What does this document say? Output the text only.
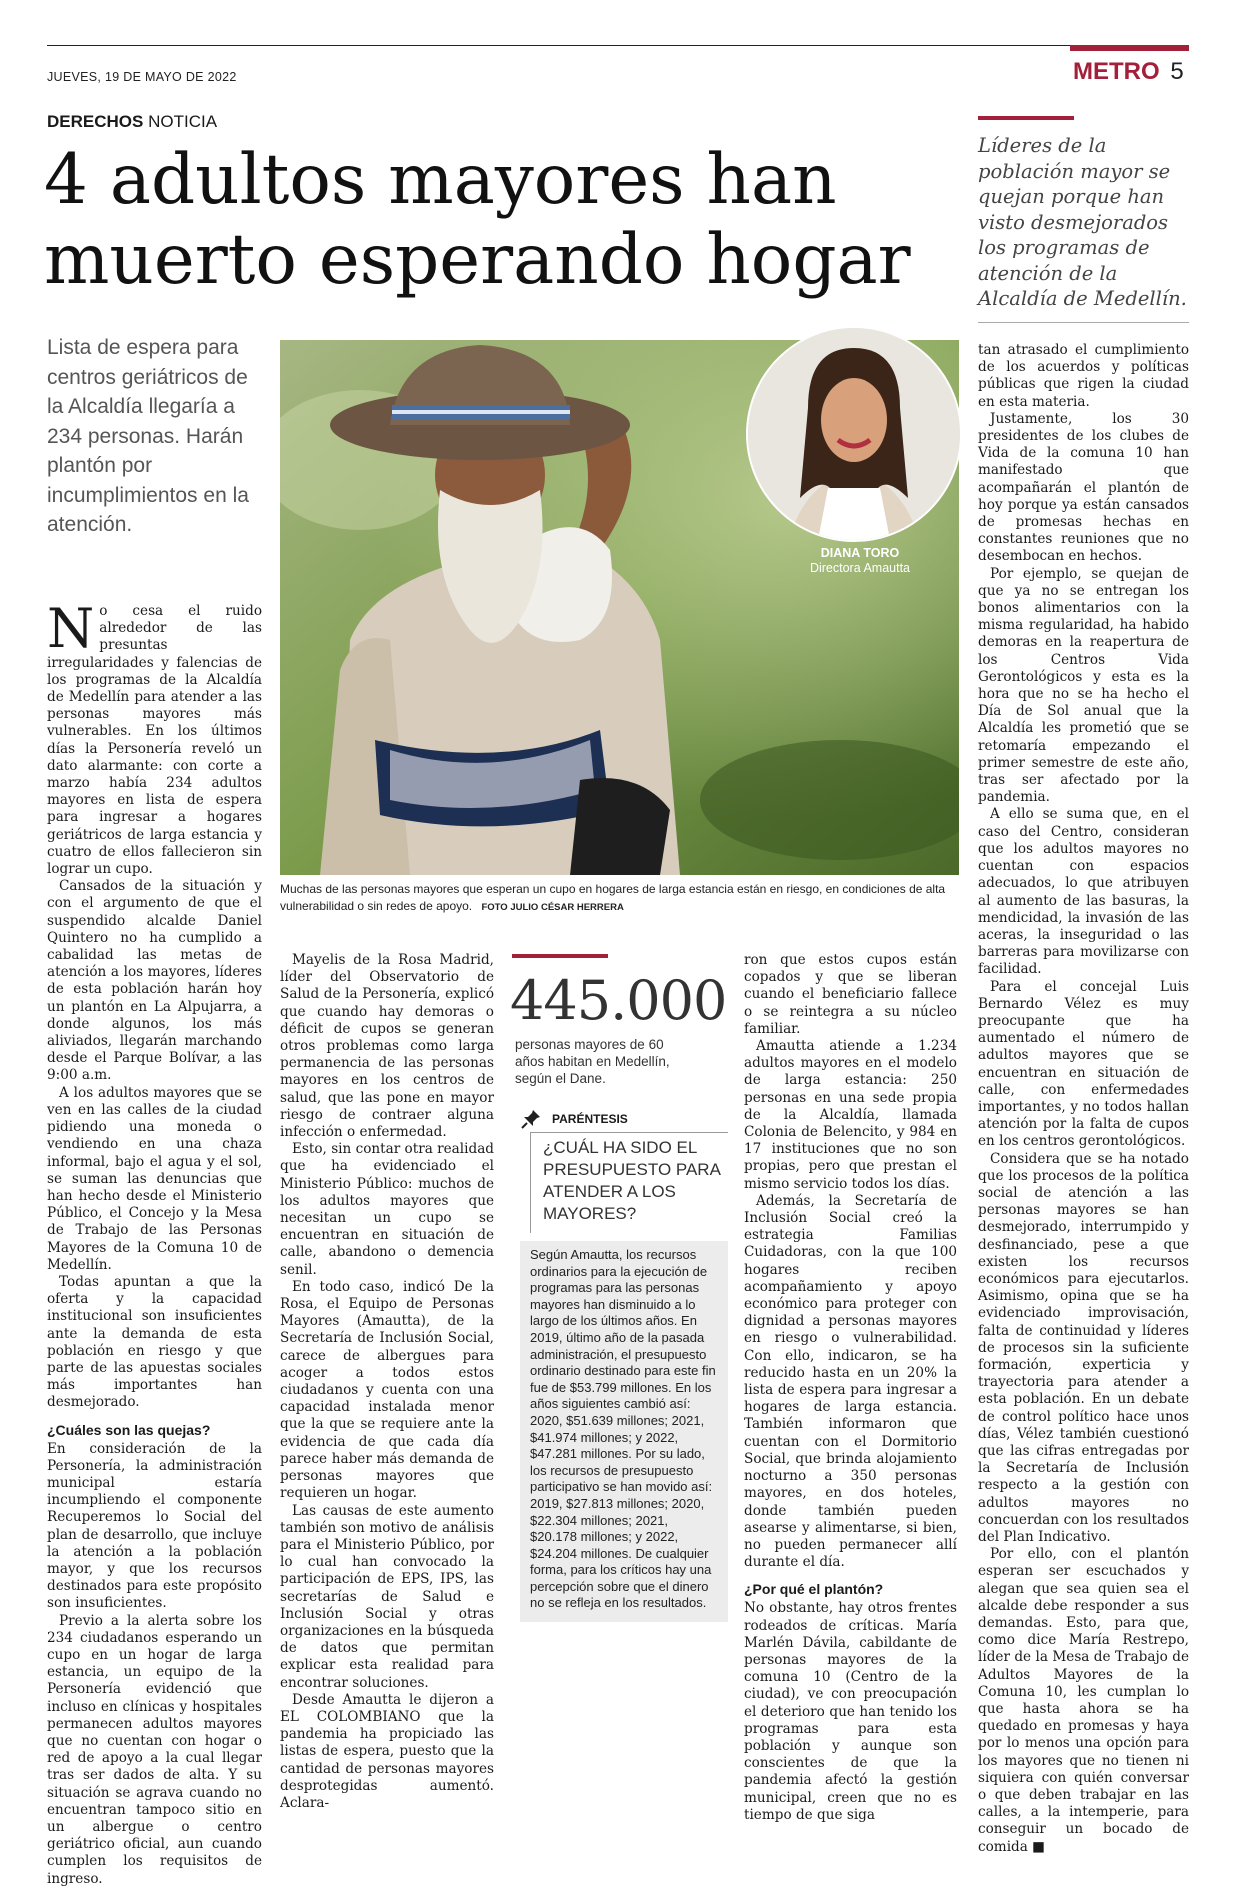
JUEVES, 19 DE MAYO DE 2022	METRO 5
DERECHOS NOTICIA
4 adultos mayores han
muerto esperando hogar
Líderes de la población mayor se quejan porque han visto desmejorados los programas de atención de la Alcaldía de Medellín.
Lista de espera para centros geriátricos de la Alcaldía llegaría a 234 personas. Harán plantón por incumplimientos en la atención.
DIANA TORO
Directora Amautta
Muchas de las personas mayores que esperan un cupo en hogares de larga estancia están en riesgo, en condiciones de alta vulnerabilidad o sin redes de apoyo. FOTO JULIO CÉSAR HERRERA

No cesa el ruido alrededor de las presuntas irregularidades y falencias de los programas de la Alcaldía de Medellín para atender a las personas mayores más vulnerables. En los últimos días la Personería reveló un dato alarmante: con corte a marzo había 234 adultos mayores en lista de espera para ingresar a hogares geriátricos de larga estancia y cuatro de ellos fallecieron sin lograr un cupo.

Cansados de la situación y con el argumento de que el suspendido alcalde Daniel Quintero no ha cumplido a cabalidad las metas de atención a los mayores, líderes de esta población harán hoy un plantón en La Alpujarra, a donde algunos, los más aliviados, llegarán marchando desde el Parque Bolívar, a las 9:00 a.m.

A los adultos mayores que se ven en las calles de la ciudad pidiendo una moneda o vendiendo en una chaza informal, bajo el agua y el sol, se suman las denuncias que han hecho desde el Ministerio Público, el Concejo y la Mesa de Trabajo de las Personas Mayores de la Comuna 10 de Medellín.

Todas apuntan a que la oferta y la capacidad institucional son insuficientes ante la demanda de esta población en riesgo y que parte de las apuestas sociales más importantes han desmejorado.

¿Cuáles son las quejas?

En consideración de la Personería, la administración municipal estaría incumpliendo el componente Recuperemos lo Social del plan de desarrollo, que incluye la atención a la población mayor, y que los recursos destinados para este propósito son insuficientes.

Previo a la alerta sobre los 234 ciudadanos esperando un cupo en un hogar de larga estancia, un equipo de la Personería evidenció que incluso en clínicas y hospitales permanecen adultos mayores que no cuentan con hogar o red de apoyo a la cual llegar tras ser dados de alta. Y su situación se agrava cuando no encuentran tampoco sitio en un albergue o centro geriátrico oficial, aun cuando cumplen los requisitos de ingreso.

Mayelis de la Rosa Madrid, líder del Observatorio de Salud de la Personería, explicó que cuando hay demoras o déficit de cupos se generan otros problemas como larga permanencia de las personas mayores en los centros de salud, que las pone en mayor riesgo de contraer alguna infección o enfermedad.

Esto, sin contar otra realidad que ha evidenciado el Ministerio Público: muchos de los adultos mayores que necesitan un cupo se encuentran en situación de calle, abandono o demencia senil.

En todo caso, indicó De la Rosa, el Equipo de Personas Mayores (Amautta), de la Secretaría de Inclusión Social, carece de albergues para acoger a todos estos ciudadanos y cuenta con una capacidad instalada menor que la que se requiere ante la evidencia de que cada día parece haber más demanda de personas mayores que requieren un hogar.

Las causas de este aumento también son motivo de análisis para el Ministerio Público, por lo cual han convocado la participación de EPS, IPS, las secretarías de Salud e Inclusión Social y otras organizaciones en la búsqueda de datos que permitan explicar esta realidad para encontrar soluciones.

Desde Amautta le dijeron a EL COLOMBIANO que la pandemia ha propiciado las listas de espera, puesto que la cantidad de personas mayores desprotegidas aumentó. Aclara-

445.000
personas mayores de 60 años habitan en Medellín, según el Dane.
PARÉNTESIS
¿CUÁL HA SIDO EL PRESUPUESTO PARA ATENDER A LOS MAYORES?
Según Amautta, los recursos ordinarios para la ejecución de programas para las personas mayores han disminuido a lo largo de los últimos años. En 2019, último año de la pasada administración, el presupuesto ordinario destinado para este fin fue de $53.799 millones. En los años siguientes cambió así: 2020, $51.639 millones; 2021, $41.974 millones; y 2022, $47.281 millones. Por su lado, los recursos de presupuesto participativo se han movido así: 2019, $27.813 millones; 2020, $22.304 millones; 2021, $20.178 millones; y 2022, $24.204 millones. De cualquier forma, para los críticos hay una percepción sobre que el dinero no se refleja en los resultados.

ron que estos cupos están copados y que se liberan cuando el beneficiario fallece o se reintegra a su núcleo familiar.

Amautta atiende a 1.234 adultos mayores en el modelo de larga estancia: 250 personas en una sede propia de la Alcaldía, llamada Colonia de Belencito, y 984 en 17 instituciones que no son propias, pero que prestan el mismo servicio todos los días.

Además, la Secretaría de Inclusión Social creó la estrategia Familias Cuidadoras, con la que 100 hogares reciben acompañamiento y apoyo económico para proteger con dignidad a personas mayores en riesgo o vulnerabilidad. Con ello, indicaron, se ha reducido hasta en un 20% la lista de espera para ingresar a hogares de larga estancia. También informaron que cuentan con el Dormitorio Social, que brinda alojamiento nocturno a 350 personas mayores, en dos hoteles, donde también pueden asearse y alimentarse, si bien, no pueden permanecer allí durante el día.

¿Por qué el plantón?

No obstante, hay otros frentes rodeados de críticas. María Marlén Dávila, cabildante de personas mayores de la comuna 10 (Centro de la ciudad), ve con preocupación el deterioro que han tenido los programas para esta población y aunque son conscientes de que la pandemia afectó la gestión municipal, creen que no es tiempo de que siga

tan atrasado el cumplimiento de los acuerdos y políticas públicas que rigen la ciudad en esta materia.

Justamente, los 30 presidentes de los clubes de Vida de la comuna 10 han manifestado que acompañarán el plantón de hoy porque ya están cansados de promesas hechas en constantes reuniones que no desembocan en hechos.

Por ejemplo, se quejan de que ya no se entregan los bonos alimentarios con la misma regularidad, ha habido demoras en la reapertura de los Centros Vida Gerontológicos y esta es la hora que no se ha hecho el Día de Sol anual que la Alcaldía les prometió que se retomaría empezando el primer semestre de este año, tras ser afectado por la pandemia.

A ello se suma que, en el caso del Centro, consideran que los adultos mayores no cuentan con espacios adecuados, lo que atribuyen al aumento de las basuras, la mendicidad, la invasión de las aceras, la inseguridad o las barreras para movilizarse con facilidad.

Para el concejal Luis Bernardo Vélez es muy preocupante que ha aumentado el número de adultos mayores que se encuentran en situación de calle, con enfermedades importantes, y no todos hallan atención por la falta de cupos en los centros gerontológicos.

Considera que se ha notado que los procesos de la política social de atención a las personas mayores se han desmejorado, interrumpido y desfinanciado, pese a que existen los recursos económicos para ejecutarlos. Asimismo, opina que se ha evidenciado improvisación, falta de continuidad y líderes de procesos sin la suficiente formación, experticia y trayectoria para atender a esta población. En un debate de control político hace unos días, Vélez también cuestionó que las cifras entregadas por la Secretaría de Inclusión respecto a la gestión con adultos mayores no concuerdan con los resultados del Plan Indicativo.

Por ello, con el plantón esperan ser escuchados y alegan que sea quien sea el alcalde debe responder a sus demandas. Esto, para que, como dice María Restrepo, líder de la Mesa de Trabajo de Adultos Mayores de la Comuna 10, les cumplan lo que hasta ahora se ha quedado en promesas y haya por lo menos una opción para los mayores que no tienen ni siquiera con quién conversar o que deben trabajar en las calles, a la intemperie, para conseguir un bocado de comida ■
